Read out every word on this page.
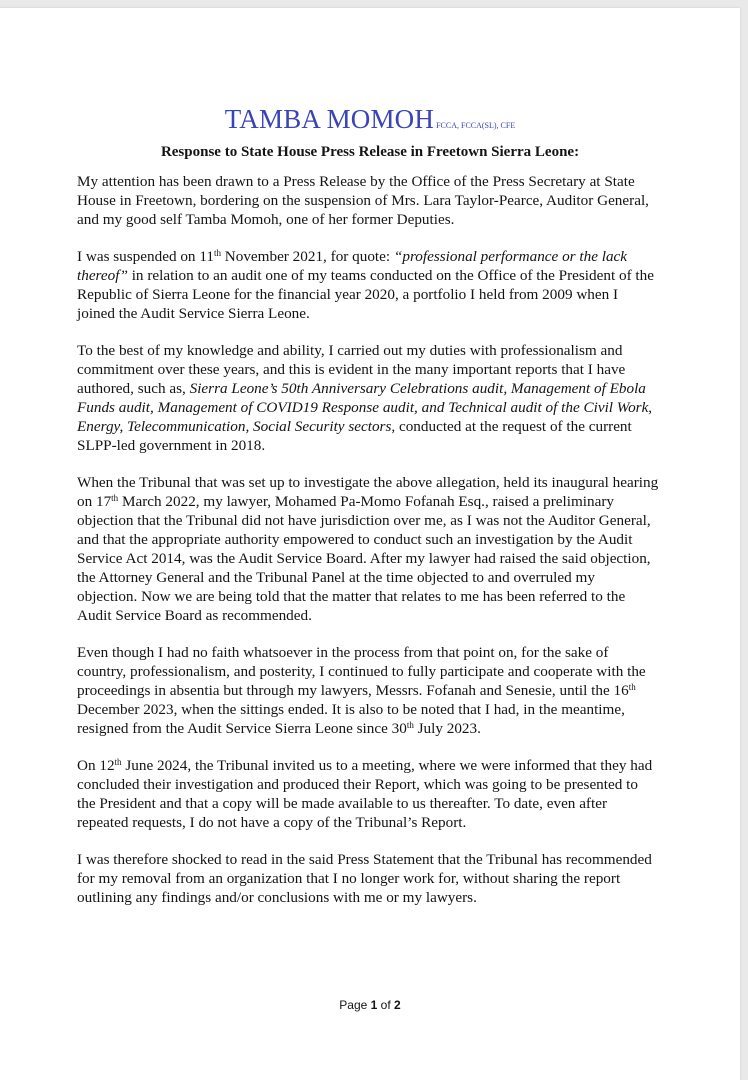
TAMBA MOMOH FCCA, FCCA(SL), CFE
Response to State House Press Release in Freetown Sierra Leone:

My attention has been drawn to a Press Release by the Office of the Press Secretary at State House in Freetown, bordering on the suspension of Mrs. Lara Taylor-Pearce, Auditor General, and my good self Tamba Momoh, one of her former Deputies.

I was suspended on 11th November 2021, for quote: “professional performance or the lack thereof” in relation to an audit one of my teams conducted on the Office of the President of the Republic of Sierra Leone for the financial year 2020, a portfolio I held from 2009 when I joined the Audit Service Sierra Leone.

To the best of my knowledge and ability, I carried out my duties with professionalism and commitment over these years, and this is evident in the many important reports that I have authored, such as, Sierra Leone’s 50th Anniversary Celebrations audit, Management of Ebola Funds audit, Management of COVID19 Response audit, and Technical audit of the Civil Work, Energy, Telecommunication, Social Security sectors, conducted at the request of the current SLPP-led government in 2018.

When the Tribunal that was set up to investigate the above allegation, held its inaugural hearing on 17th March 2022, my lawyer, Mohamed Pa-Momo Fofanah Esq., raised a preliminary objection that the Tribunal did not have jurisdiction over me, as I was not the Auditor General, and that the appropriate authority empowered to conduct such an investigation by the Audit Service Act 2014, was the Audit Service Board. After my lawyer had raised the said objection, the Attorney General and the Tribunal Panel at the time objected to and overruled my objection. Now we are being told that the matter that relates to me has been referred to the Audit Service Board as recommended.

Even though I had no faith whatsoever in the process from that point on, for the sake of country, professionalism, and posterity, I continued to fully participate and cooperate with the proceedings in absentia but through my lawyers, Messrs. Fofanah and Senesie, until the 16th December 2023, when the sittings ended. It is also to be noted that I had, in the meantime, resigned from the Audit Service Sierra Leone since 30th July 2023.

On 12th June 2024, the Tribunal invited us to a meeting, where we were informed that they had concluded their investigation and produced their Report, which was going to be presented to the President and that a copy will be made available to us thereafter. To date, even after repeated requests, I do not have a copy of the Tribunal’s Report.

I was therefore shocked to read in the said Press Statement that the Tribunal has recommended for my removal from an organization that I no longer work for, without sharing the report outlining any findings and/or conclusions with me or my lawyers.

Page 1 of 2
